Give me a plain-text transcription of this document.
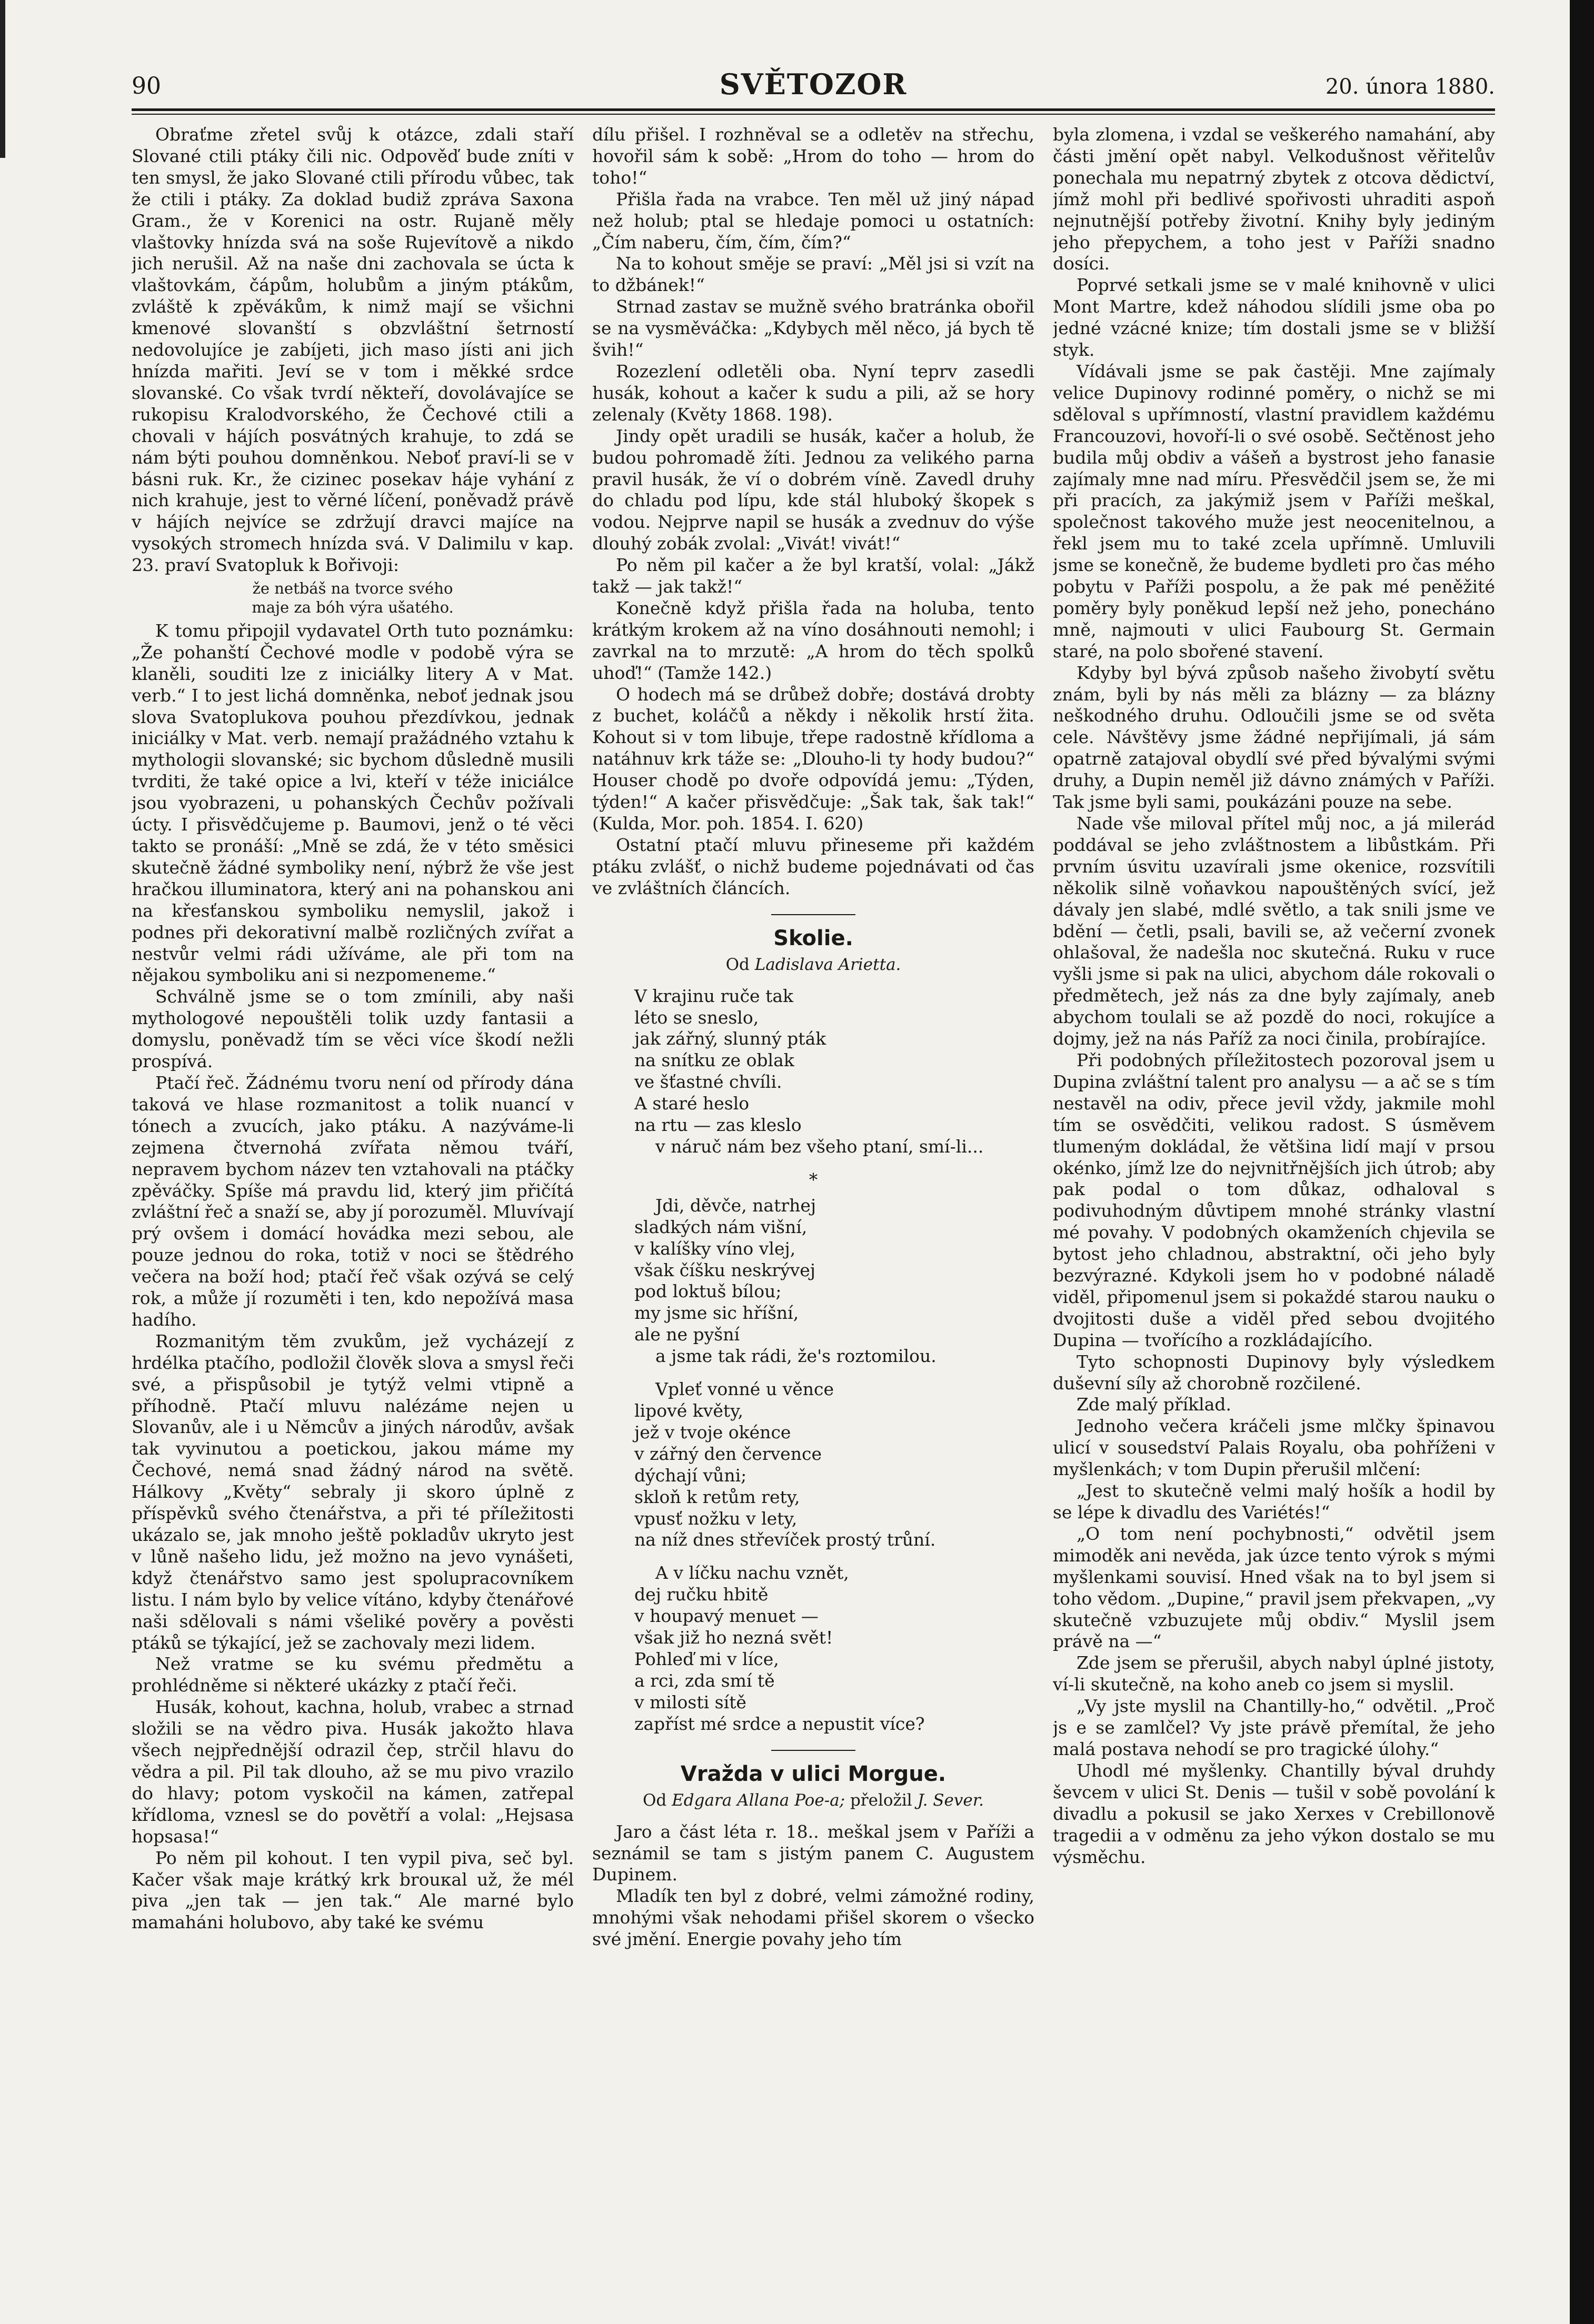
90	SVĚTOZOR	20. února 1880.

Obraťme zřetel svůj k otázce, zdali staří Slované ctili ptáky čili nic. Odpověď bude zníti v ten smysl, že jako Slované ctili přírodu vůbec, tak že ctili i ptáky. Za doklad budiž zpráva Saxona Gram., že v Korenici na ostr. Rujaně měly vlaštovky hnízda svá na sošе Rujevítově a nikdo jich nerušil. Až na naše dni zachovala se úcta k vlaštovkám, čápům, holubům a jiným ptákům, zvláště k zpěvákům, k nimž mají se všichni kmenové slovanští s obzvláštní šetrností nedovolujíce je zabíjeti, jich maso jísti ani jich hnízda mařiti. Jeví se v tom i měkké srdce slovanské. Co však tvrdí někteří, dovolávajíce se rukopisu Kralodvorského, že Čechové ctili a chovali v hájích posvátných krahuje, to zdá se nám býti pouhou domněnkou. Neboť praví-li se v básni ruk. Kr., že cizinec posekav háje vyhání z nich krahuje, jest to věrné líčení, poněvadž právě v hájích nejvíce se zdržují dravci majíce na vysokých stromech hnízda svá. V Dalimilu v kap. 23. praví Svatopluk k Bořivoji:

že netbáš na tvorce svého
maje za bóh výra ušatého.

K tomu připojil vydavatel Orth tuto poznámku: „Že pohanští Čechové modle v podobě výra se klaněli, souditi lze z iniciálky litery A v Mat. verb.“ I to jest lichá domněnka, neboť jednak jsou slova Svatoplukova pouhou přezdívkou, jednak iniciálky v Mat. verb. nemají pražádného vztahu k mythologii slovanské; sic bychom důsledně musili tvrditi, že také opice a lvi, kteří v téže iniciálce jsou vyobrazeni, u pohanských Čechův požívali úcty. I přisvědčujeme p. Baumovi, jenž o té věci takto se pronáší: „Mně se zdá, že v této směsici skutečně žádné symboliky není, nýbrž že vše jest hračkou illuminatora, který ani na pohanskou ani na křesťanskou symboliku nemyslil, jakož i podnes při dekorativní malbě rozličných zvířat a nestvůr velmi rádi užíváme, ale při tom na nějakou symboliku ani si nezpomeneme.“

Schválně jsme se o tom zmínili, aby naši mythologové nepouštěli tolik uzdy fantasii a domyslu, poněvadž tím se věci více škodí nežli prospívá.

Ptačí řeč. Žádnému tvoru není od přírody dána taková ve hlase rozmanitost a tolik nuancí v tónech a zvucích, jako ptáku. A nazýváme-li zejmena čtvernohá zvířata němou tváří, nepravem bychom název ten vztahovali na ptáčky zpěváčky. Spíše má pravdu lid, který jim přičítá zvláštní řeč a snaží se, aby jí porozuměl. Mluvívají prý ovšem i domácí hovádka mezi sebou, ale pouze jednou do roka, totiž v noci se štědrého večera na boží hod; ptačí řeč však ozývá se celý rok, a může jí rozuměti i ten, kdo nepožívá masa hadího.

Rozmanitým těm zvukům, jež vycházejí z hrdélka ptačího, podložil člověk slova a smysl řeči své, a přispůsobil je tytýž velmi vtipně a příhodně. Ptačí mluvu nalézáme nejen u Slovanův, ale i u Němcův a jiných národův, avšak tak vyvinutou a poetickou, jakou máme my Čechové, nemá snad žádný národ na světě. Hálkovy „Květy“ sebraly ji skoro úplně z příspěvků svého čtenářstva, a při té příležitosti ukázalo se, jak mnoho ještě pokladův ukryto jest v lůně našeho lidu, jež možno na jevo vynášeti, když čtenářstvo samo jest spolupracovníkem listu. I nám bylo by velice vítáno, kdyby čtenářové naši sdělovali s námi všeliké pověry a pověsti ptáků se týkající, jež se zachovaly mezi lidem.

Než vratme se ku svému předmětu a prohlédněme si některé ukázky z ptačí řeči.

Husák, kohout, kachna, holub, vrabec a strnad složili se na vědro piva. Husák jakožto hlava všech nejpřednější odrazil čep, strčil hlavu do vědra a pil. Pil tak dlouho, až se mu pivo vrazilo do hlavy; potom vyskočil na kámen, zatřepal křídloma, vznesl se do povětří a volal: „Hejsasa hopsasa!“

Po něm pil kohout. I ten vypil piva, seč byl. Kačer však maje krátký krk brouкal už, že mél piva „jen tak — jen tak.“ Ale marné bylo mamaháni holubovo, aby také ke svému

dílu přišel. I rozhněval se a odletěv na střechu, hovořil sám k sobě: „Hrom do toho — hrom do toho!“

Přišla řada na vrabce. Ten měl už jiný nápad než holub; ptal se hledaje pomoci u ostatních: „Čím naberu, čím, čím, čím?“

Na to kohout směje se praví: „Měl jsi si vzít na to džbánek!“

Strnad zastav se mužně svého bratránka obořil se na vysměváčka: „Kdybych měl něco, já bych tě švih!“

Rozezlení odletěli oba. Nyní teprv zasedli husák, kohout a kačer k sudu a pili, až se hory zelenaly (Květy 1868. 198).

Jindy opět uradili se husák, kačer a holub, že budou pohromadě žíti. Jednou za velikého parna pravil husák, že ví o dobrém víně. Zavedl druhy do chladu pod lípu, kde stál hluboký škopek s vodou. Nejprve napil se husák a zvednuv do výše dlouhý zobák zvolal: „Vivát! vivát!“

Po něm pil kačer a že byl kratší, volal: „Jákž takž — jak takž!“

Konečně když přišla řada na holuba, tento krátkým krokem až na víno dosáhnouti nemohl; i zavrkal na to mrzutě: „A hrom do těch spolků uhoď!“ (Tamže 142.)

O hodech má se drůbež dobře; dostává drobty z buchet, koláčů a někdy i několik hrstí žita. Kohout si v tom libuje, třepe radostně křídloma a natáhnuv krk táže se: „Dlouho-li ty hody budou?“ Houser chodě po dvoře odpovídá jemu: „Týden, týden!“ A kačer přisvědčuje: „Šak tak, šak tak!“ (Kulda, Mor. poh. 1854. I. 620)

Ostatní ptačí mluvu přineseme při každém ptáku zvlášť, o nichž budeme pojednávati od čas ve zvláštních článcích.

Skolie.
Od Ladislava Arietta.
V krajinu ruče tak
léto se sneslo,
jak zářný, slunný pták
na snítku ze oblak
ve šťastné chvíli.
A staré heslo
na rtu — zas kleslo
v náruč nám bez všeho ptaní, smí-li...
*
Jdi, děvče, natrhej
sladkých nám višní,
v kalíšky víno vlej,
však číšku neskrývej
pod loktuš bílou;
my jsme sic hříšní,
ale ne pyšní
a jsme tak rádi, že's roztomilou.
Vpleť vonné u věnce
lipové květy,
jež v tvoje okénce
v zářný den července
dýchají vůni;
skloň k retům rety,
vpusť nožku v lety,
na níž dnes střevíček prostý trůní.
A v líčku nachu vznět,
dej ručku hbitě
v houpavý menuet —
však již ho nezná svět!
Pohleď mi v líce,
a rci, zda smí tě
v milosti sítě
zapříst mé srdce a nepustit více?
Vražda v ulici Morgue.
Od Edgara Allana Poe-a; přeložil J. Sever.

Jaro a část léta r. 18.. meškal jsem v Paříži a seznámil se tam s jistým panem C. Augustem Dupinem.

Mladík ten byl z dobré, velmi zámožné rodiny, mnohými však nehodami přišel skorem o všecko své jmění. Energie povahy jeho tím

byla zlomena, i vzdal se veškerého namahání, aby části jmění opět nabyl. Velkodušnost věřitelův ponechala mu nepatrný zbytek z otcova dědictví, jímž mohl při bedlivé spořivosti uhraditi aspoň nejnutnější potřeby životní. Knihy byly jediným jeho přepychem, a toho jest v Paříži snadno dosíci.

Poprvé setkali jsme se v malé knihovně v ulici Mont Martre, kdež náhodou slídili jsme oba po jedné vzácné knize; tím dostali jsme se v bližší styk.

Vídávali jsme se pak častěji. Mne zajímaly velice Dupinovy rodinné poměry, o nichž se mi sděloval s upřímností, vlastní pravidlem každému Francouzovi, hovoří-li o své osobě. Sečtěnost jeho budila můj obdiv a vášeň a bystrost jeho fanasie zajímaly mne nad míru. Přesvědčil jsem se, že mi při pracích, za jakýmiž jsem v Paříži meškal, společnost takového muže jest neocenitelnou, a řekl jsem mu to také zcela upřímně. Umluvili jsme se konečně, že budeme bydleti pro čas mého pobytu v Paříži pospolu, a že pak mé peněžité poměry byly poněkud lepší než jeho, ponecháno mně, najmouti v ulici Faubourg St. Germain staré, na polo sbořené stavení.

Kdyby byl bývá způsob našeho živobytí světu znám, byli by nás měli za blázny — za blázny neškodného druhu. Odloučili jsme se od světa cele. Návštěvy jsme žádné nepřijímali, já sám opatrně zatajoval obydlí své před bývalými svými druhy, a Dupin neměl již dávno známých v Paříži. Tak jsme byli sami, poukázáni pouze na sebe.

Nade vše miloval přítel můj noc, a já milerád poddával se jeho zvláštnostem a libůstkám. Při prvním úsvitu uzavírali jsme okenice, rozsvítili několik silně voňavkou napouštěných svící, jež dávaly jen slabé, mdlé světlo, a tak snili jsme ve bdění — četli, psali, bavili se, až večerní zvonek ohlašoval, že nadešla noc skutečná. Ruku v ruce vyšli jsme si pak na ulici, abychom dále rokovali o předmětech, jež nás za dne byly zajímaly, aneb abychom toulali se až pozdě do noci, rokujíce a dojmy, jež na nás Paříž za noci činila, probírajíce.

Při podobných příležitostech pozoroval jsem u Dupina zvláštní talent pro analysu — a ač se s tím nestavěl na odiv, přece jevil vždy, jakmile mohl tím se osvědčiti, velikou radost. S úsměvem tlumeným dokládal, že většina lidí mají v prsou okénko, jímž lze do nejvnitřnějších jich útrob; aby pak podal o tom důkaz, odhaloval s podivuhodným důvtipem mnohé stránky vlastní mé povahy. V podobných okamženích chjevila se bytost jeho chladnou, abstraktní, oči jeho byly bezvýrazné. Kdykoli jsem ho v podobné náladě viděl, připomenul jsem si pokaždé starou nauku o dvojitosti duše a viděl před sebou dvojitého Dupina — tvořícího a rozkládajícího.

Tyto schopnosti Dupinovy byly výsledkem duševní síly až chorobně rozčilené.

Zde malý příklad.

Jednoho večera kráčeli jsme mlčky špinavou ulicí v sousedství Palais Royalu, oba pohříženi v myšlenkách; v tom Dupin přerušil mlčení:

„Jest to skutečně velmi malý hošík a hodil by se lépe k divadlu des Variétés!“

„O tom není pochybnosti,“ odvětil jsem mimoděk ani nevěda, jak úzce tento výrok s mými myšlenkami souvisí. Hned však na to byl jsem si toho vědom. „Dupine,“ pravil jsem překvapen, „vy skutečně vzbuzujete můj obdiv.“ Myslil jsem právě na —“

Zde jsem se přerušil, abych nabyl úplné jistoty, ví-li skutečně, na koho aneb co jsem si myslil.

„Vy jste myslil na Chantilly-ho,“ odvětil. „Proč js e se zamlčel? Vy jste právě přemítal, že jeho malá postava nehodí se pro tragické úlohy.“

Uhodl mé myšlenky. Chantilly býval druhdy ševcem v ulici St. Denis — tušil v sobě povolání k divadlu a pokusil se jako Xerxes v Crebillonově tragedii a v odměnu za jeho výkon dostalo se mu výsměchu.
